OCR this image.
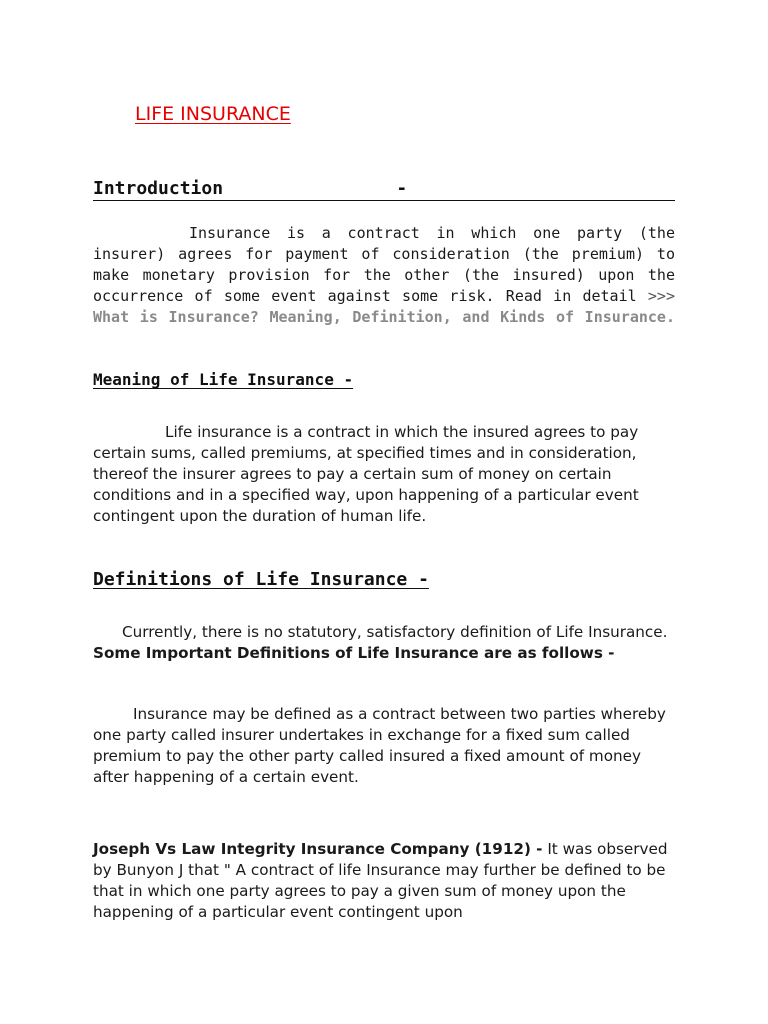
LIFE INSURANCE
Introduction                -

Insurance is a contract in which one party (the insurer) agrees for payment of consideration (the premium) to make monetary provision for the other (the insured) upon the occurrence of some event against some risk. Read in detail >>> What is Insurance? Meaning, Definition, and Kinds of Insurance.

Meaning of Life Insurance -

Life insurance is a contract in which the insured agrees to pay certain sums, called premiums, at specified times and in consideration, thereof the insurer agrees to pay a certain sum of money on certain conditions and in a specified way, upon happening of a particular event contingent upon the duration of human life.

Definitions of Life Insurance -

Currently, there is no statutory, satisfactory definition of Life Insurance. Some Important Definitions of Life Insurance are as follows -

Insurance may be defined as a contract between two parties whereby one party called insurer undertakes in exchange for a fixed sum called premium to pay the other party called insured a fixed amount of money after happening of a certain event.

Joseph Vs Law Integrity Insurance Company (1912) - It was observed by Bunyon J that " A contract of life Insurance may further be defined to be that in which one party agrees to pay a given sum of money upon the happening of a particular event contingent upon
